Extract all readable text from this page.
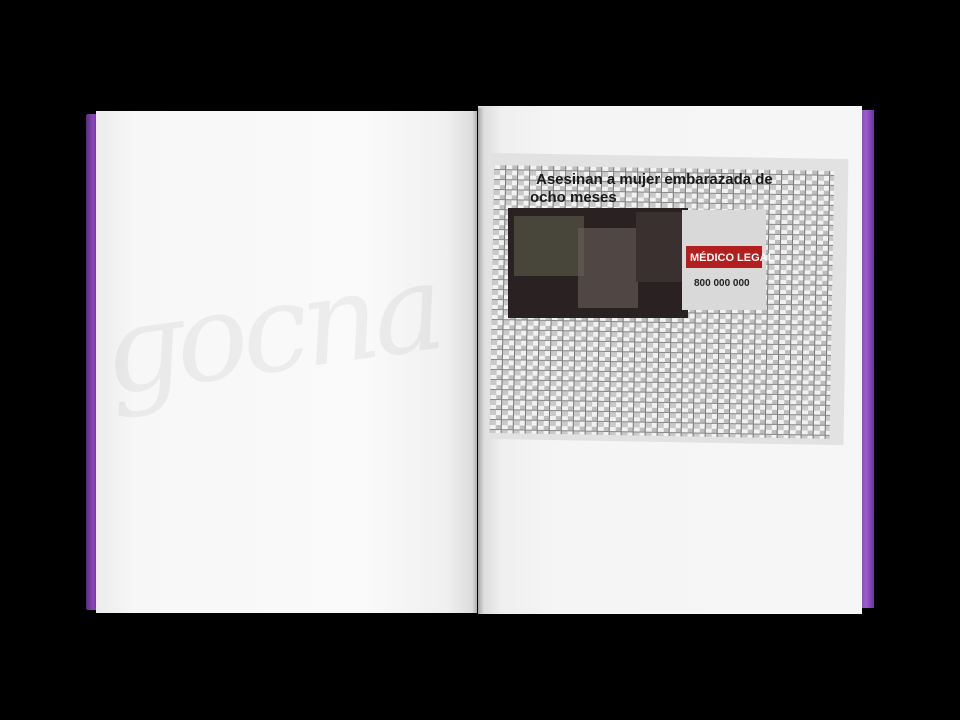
ɡocna

Asesinan a mujer embarazada de
ocho meses
MÉDICO LEGAL
800 000 000
